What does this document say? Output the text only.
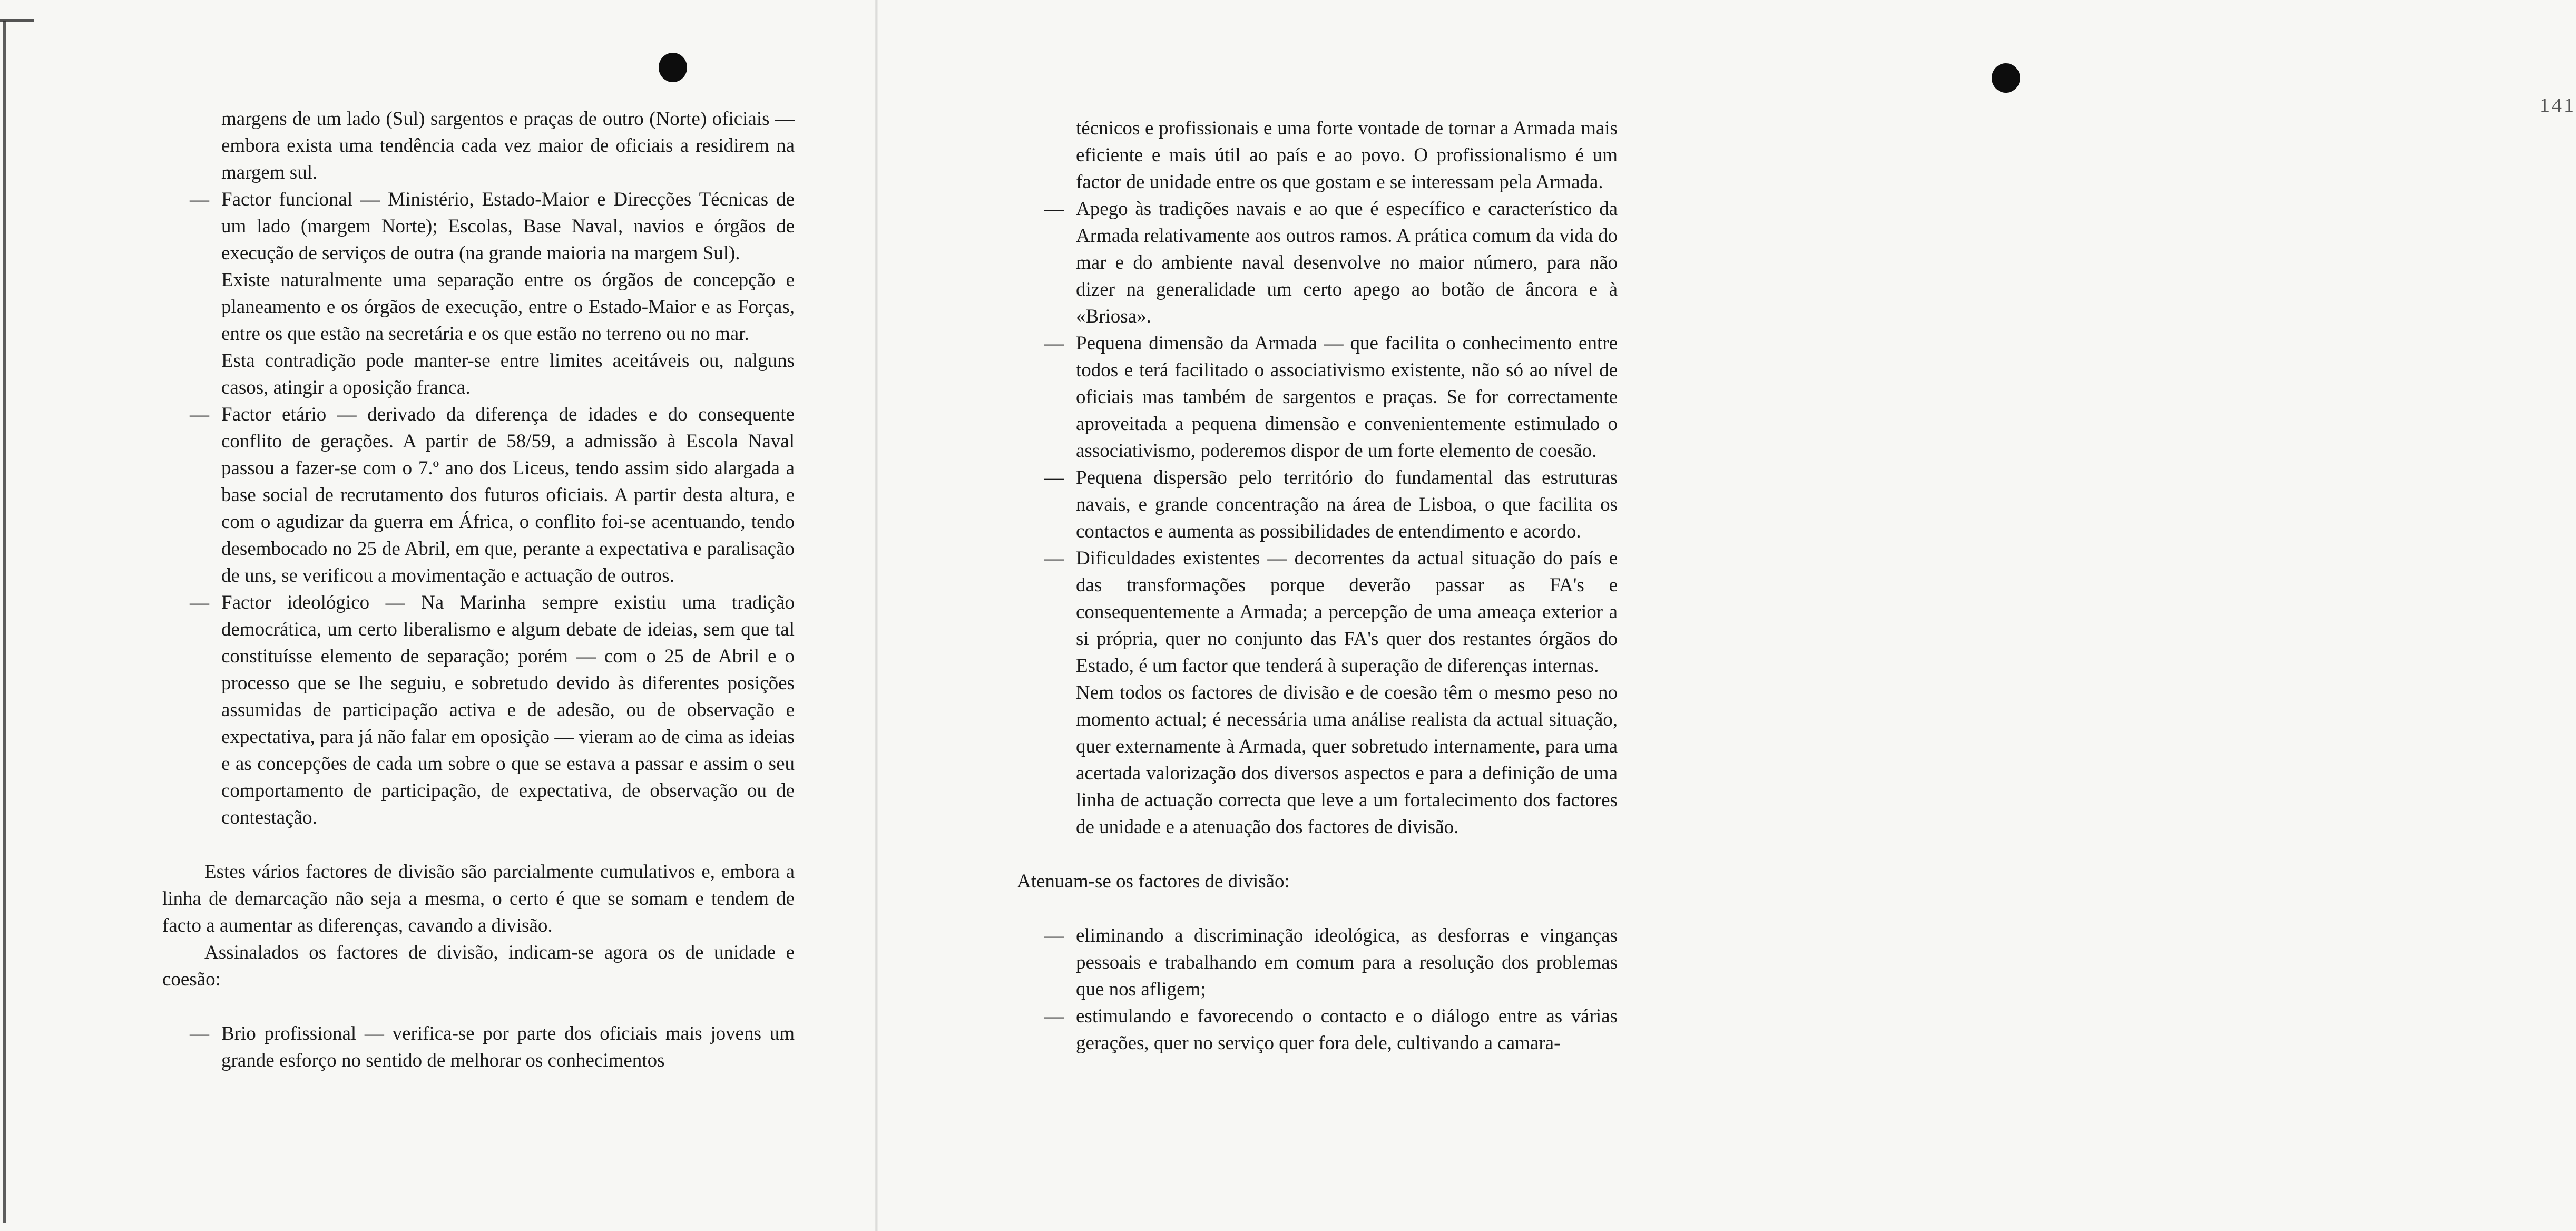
margens de um lado (Sul) sargentos e praças de outro (Norte) oficiais — embora exista uma tendência cada vez maior de oficiais a residirem na margem sul.

— Factor funcional — Ministério, Estado-Maior e Direcções Técnicas de um lado (margem Norte); Escolas, Base Naval, navios e órgãos de execução de serviços de outra (na grande maioria na margem Sul).

Existe naturalmente uma separação entre os órgãos de concepção e planeamento e os órgãos de execução, entre o Estado-Maior e as Forças, entre os que estão na secretária e os que estão no terreno ou no mar.

Esta contradição pode manter-se entre limites aceitáveis ou, nalguns casos, atingir a oposição franca.

— Factor etário — derivado da diferença de idades e do consequente conflito de gerações. A partir de 58/59, a admissão à Escola Naval passou a fazer-se com o 7.º ano dos Liceus, tendo assim sido alargada a base social de recrutamento dos futuros oficiais. A partir desta altura, e com o agudizar da guerra em África, o conflito foi-se acentuando, tendo desembocado no 25 de Abril, em que, perante a expectativa e paralisação de uns, se verificou a movimentação e actuação de outros.

— Factor ideológico — Na Marinha sempre existiu uma tradição democrática, um certo liberalismo e algum debate de ideias, sem que tal constituísse elemento de separação; porém — com o 25 de Abril e o processo que se lhe seguiu, e sobretudo devido às diferentes posições assumidas de participação activa e de adesão, ou de observação e expectativa, para já não falar em oposição — vieram ao de cima as ideias e as concepções de cada um sobre o que se estava a passar e assim o seu comportamento de participação, de expectativa, de observação ou de contestação.

Estes vários factores de divisão são parcialmente cumulativos e, embora a linha de demarcação não seja a mesma, o certo é que se somam e tendem de facto a aumentar as diferenças, cavando a divisão.

Assinalados os factores de divisão, indicam-se agora os de unidade e coesão:

— Brio profissional — verifica-se por parte dos oficiais mais jovens um grande esforço no sentido de melhorar os conhecimentos

141

técnicos e profissionais e uma forte vontade de tornar a Armada mais eficiente e mais útil ao país e ao povo. O profissionalismo é um factor de unidade entre os que gostam e se interessam pela Armada.

— Apego às tradições navais e ao que é específico e característico da Armada relativamente aos outros ramos. A prática comum da vida do mar e do ambiente naval desenvolve no maior número, para não dizer na generalidade um certo apego ao botão de âncora e à «Briosa».

— Pequena dimensão da Armada — que facilita o conhecimento entre todos e terá facilitado o associativismo existente, não só ao nível de oficiais mas também de sargentos e praças. Se for correctamente aproveitada a pequena dimensão e convenientemente estimulado o associativismo, poderemos dispor de um forte elemento de coesão.

— Pequena dispersão pelo território do fundamental das estruturas navais, e grande concentração na área de Lisboa, o que facilita os contactos e aumenta as possibilidades de entendimento e acordo.

— Dificuldades existentes — decorrentes da actual situação do país e das transformações porque deverão passar as FA's e consequentemente a Armada; a percepção de uma ameaça exterior a si própria, quer no conjunto das FA's quer dos restantes órgãos do Estado, é um factor que tenderá à superação de diferenças internas.

Nem todos os factores de divisão e de coesão têm o mesmo peso no momento actual; é necessária uma análise realista da actual situação, quer externamente à Armada, quer sobretudo internamente, para uma acertada valorização dos diversos aspectos e para a definição de uma linha de actuação correcta que leve a um fortalecimento dos factores de unidade e a atenuação dos factores de divisão.

Atenuam-se os factores de divisão:

— eliminando a discriminação ideológica, as desforras e vinganças pessoais e trabalhando em comum para a resolução dos problemas que nos afligem;

— estimulando e favorecendo o contacto e o diálogo entre as várias gerações, quer no serviço quer fora dele, cultivando a camara-
